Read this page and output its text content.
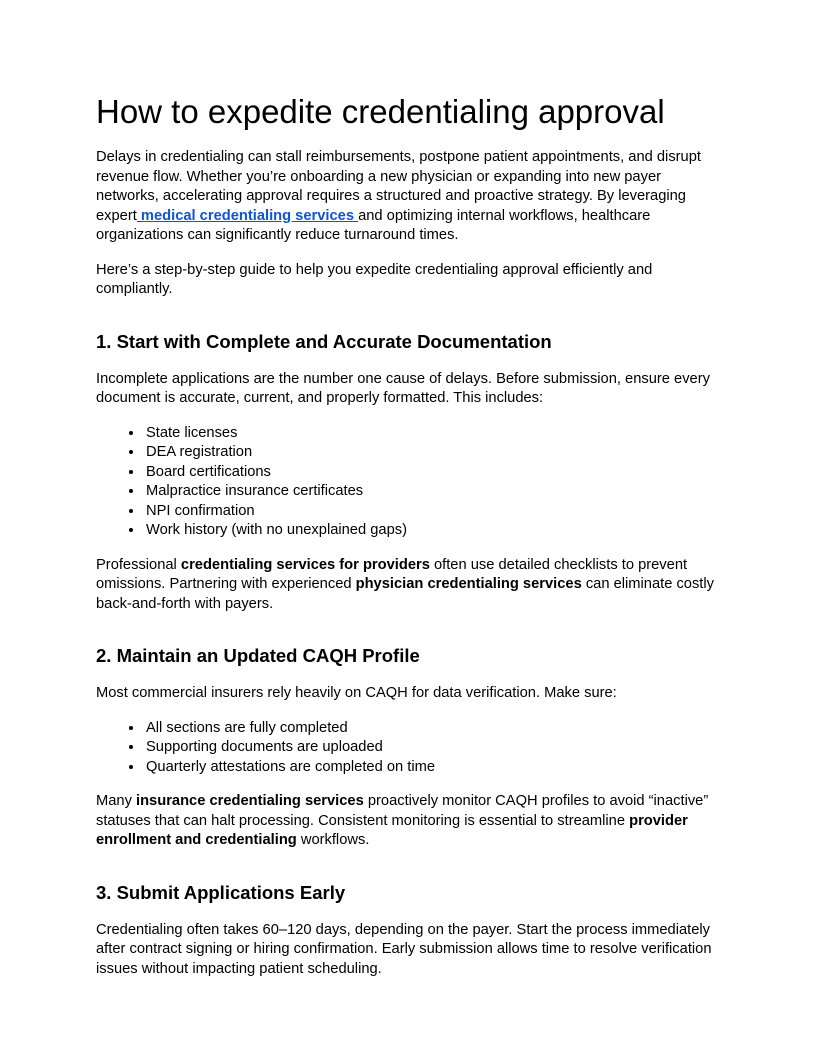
How to expedite credentialing approval

Delays in credentialing can stall reimbursements, postpone patient appointments, and disrupt revenue flow. Whether you’re onboarding a new physician or expanding into new payer networks, accelerating approval requires a structured and proactive strategy. By leveraging expert medical credentialing services and optimizing internal workflows, healthcare organizations can significantly reduce turnaround times.

Here’s a step-by-step guide to help you expedite credentialing approval efficiently and compliantly.

1. Start with Complete and Accurate Documentation

Incomplete applications are the number one cause of delays. Before submission, ensure every document is accurate, current, and properly formatted. This includes:

• State licenses
• DEA registration
• Board certifications
• Malpractice insurance certificates
• NPI confirmation
• Work history (with no unexplained gaps)

Professional credentialing services for providers often use detailed checklists to prevent omissions. Partnering with experienced physician credentialing services can eliminate costly back-and-forth with payers.

2. Maintain an Updated CAQH Profile

Most commercial insurers rely heavily on CAQH for data verification. Make sure:

• All sections are fully completed
• Supporting documents are uploaded
• Quarterly attestations are completed on time

Many insurance credentialing services proactively monitor CAQH profiles to avoid “inactive” statuses that can halt processing. Consistent monitoring is essential to streamline provider enrollment and credentialing workflows.

3. Submit Applications Early

Credentialing often takes 60–120 days, depending on the payer. Start the process immediately after contract signing or hiring confirmation. Early submission allows time to resolve verification issues without impacting patient scheduling.
